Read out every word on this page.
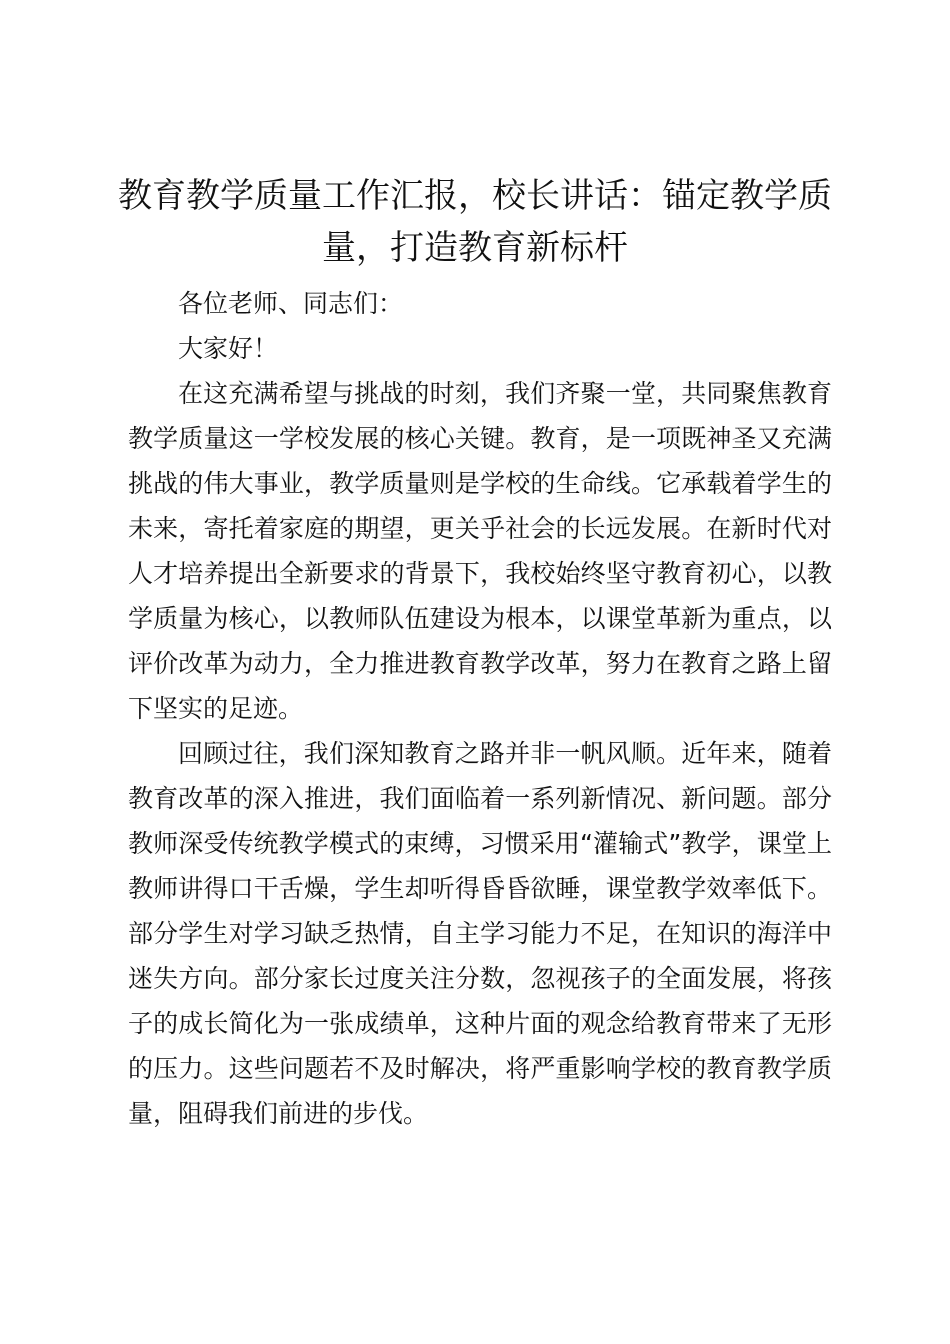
教育教学质量工作汇报，校长讲话：锚定教学质量，打造教育新标杆

各位老师、同志们：

大家好！

在这充满希望与挑战的时刻，我们齐聚一堂，共同聚焦教育教学质量这一学校发展的核心关键。教育，是一项既神圣又充满挑战的伟大事业，教学质量则是学校的生命线。它承载着学生的未来，寄托着家庭的期望，更关乎社会的长远发展。在新时代对人才培养提出全新要求的背景下，我校始终坚守教育初心，以教学质量为核心，以教师队伍建设为根本，以课堂革新为重点，以评价改革为动力，全力推进教育教学改革，努力在教育之路上留下坚实的足迹。

回顾过往，我们深知教育之路并非一帆风顺。近年来，随着教育改革的深入推进，我们面临着一系列新情况、新问题。部分教师深受传统教学模式的束缚，习惯采用“灌输式”教学，课堂上教师讲得口干舌燥，学生却听得昏昏欲睡，课堂教学效率低下。部分学生对学习缺乏热情，自主学习能力不足，在知识的海洋中迷失方向。部分家长过度关注分数，忽视孩子的全面发展，将孩子的成长简化为一张成绩单，这种片面的观念给教育带来了无形的压力。这些问题若不及时解决，将严重影响学校的教育教学质量，阻碍我们前进的步伐。
